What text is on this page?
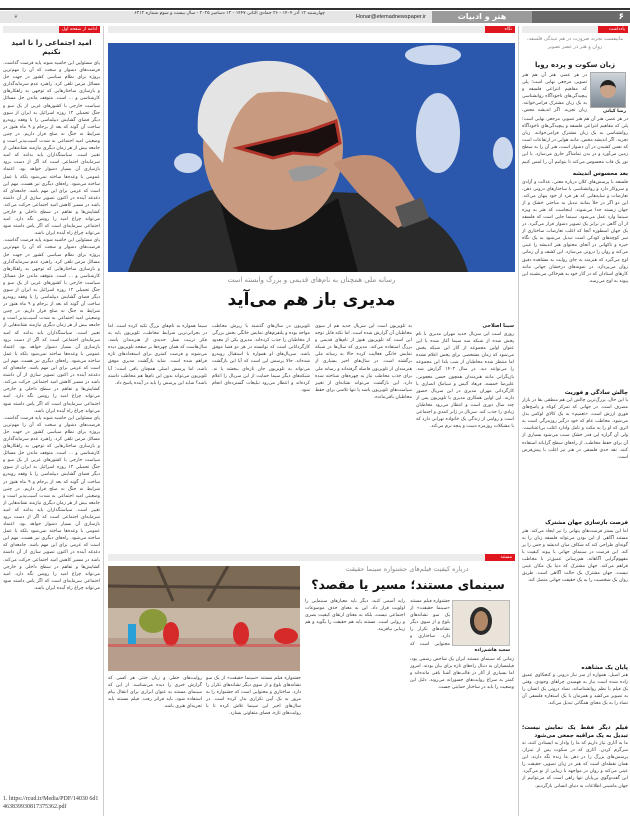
۶
هنر و ادبیات
Honar@etemadnewspaper.ir
چهارشنبه ۱۲ آذر ۱۴۰۴ - ۲۶ جمادی الثانی ۱۴۴۷ - ۱۲ دسامبر ۲۰۲۵ - سال بیست و سوم شماره ۶۲۱۲
❦
یادداشت
مانیفست تجربه ضرورت در هم تنیدگی فلسفه، روان و هنر در عصر تصویر
زبان سکوت و پرده رویا
رضا کیانی
در هر عصر، هنر آن هم هنر تصویر، مرجعی نهایی است؛ پلی که مفاهیم انتزاعی فلسفه و پیچیدگی‌های ناخودآگاه روانشناسی به یک زبان مشترک فرامی‌خوانند. زبان تجربه. اگر اندیشه محض،
در هر عصر، هنر آن هم هنر تصویر، مرجعی نهایی است؛ پلی که مفاهیم انتزاعی فلسفه و پیچیدگی‌های ناخودآگاه روانشناسی به یک زبان مشترک فرامی‌خوانند. زبان تجربه. اگر اندیشه محض، مانند هوایی در ارتفاعات است که نفس کشیدن در آن دشوار است، هنر آن را به سطح زمین می‌آورد و در بدن تماشاگر جاری می‌سازد. با این نور یک قاب محسوس می‌کند تا بتوانیم آن را لمس کنیم
بعد محسوس اندیشه
فلسفه با پرسش‌های کلان درباره معنی، عدالت و آزادی و سروکار دارد و روانشناسی با ساختارهای درونی ذهن، تعارضات و سایه‌هایی که هر فرد از خود پنهان می‌کند. این دو اگر در خلأ بمانند تبدیل به مباحثی خشک و از جهان زیسته جدا می‌شوند. اینجاست که هنر به ویژه سینما وارد عمل می‌شود. سینما جایی است که فلسفه از آن گاهی در برابر یک تصویر دشوار قرار می‌گیرد. در یک جهان اسطوره آنجا که اغلب تعارضات ساختاری از سر کوچه‌های کودکی است تبدیل می‌شود به یک نگاه خیره و تاکهانی در آنجای محتوای هنر اندیشه را عینی می‌کند و روان را درونی می‌سازد. این کشف و آن رمانی اوج می‌گیرد که هنرمند به جای روایت به مشاهده دقیق روان می‌پردازد. در نمونه‌های درخشان جهانی مانند کارهای استادان که در آثار خود به هم‌خاکی می‌نشیند این پیوند به اوج می‌رسد.
چالش سادگی و فوریت
با این حال، بزرگ‌ترین چالش این هم منطقی بقا در بازار مصرف است. در جهانی که تمرکز کوتاه و پاسخ‌های فوری ارزش است، «تعمیم» به یک کالای لوکس بدل می‌شود. مخاطب عام که خود درگیر روزمرگی است به اثری که او را به مکث و تامل وادارد اغلب بی‌اعتناست. ولی آن گزاره این قدر خشک سبب می‌شود بسیاری از آن برای حفظ مخاطب، از راه‌های سطح گرایانه استفاده کنند. نقد جدی فلسفی در هنر نیز اغلب با پیش‌فرض است.
فرصت بازسازی جهان مشترک
اما این بستر فرصت‌های پنهانی را نیز ایجاد می‌کند. هنر مستند آگاهی از این بودن می‌تواند فلسفه زبان را به گونه‌ای طراحی کند که شکاف میان اندیشه و حس را پر کند. این فرصت در سینمای جهانی با پیوند کیفیت با مفهوم‌گرایی آگاهانه، هم‌رسانی عمیق‌تر با مخاطب فراهم می‌کند. جهان مشترک که دنیا یک مکان عینی نیست، جهان مشترک یک حالت آگاهی است. طریق روان یک شخصیت را به یک حقیقت جهانی متصل کند.
پایان یک مشاهده
هنر اصیل، همواره از سر نیاز درونی و کنجکاوی عمیق زاده شده است نیاز به فهمیدن چراهای وجودی. وقتی یک فیلم با نظم روانشناسانه، تضاد درونی یک انسان را به تصویر می‌کشد و همزمان با یک استعاره فلسفی آن تضاد را به یک معنای همگانی تبدیل می‌کند.
فیلم دیگر فقط یک نمایش نیست؛ تبدیل به یک مراقبه جمعی می‌شود
ما به آثاری نیاز داریم که ما را وادار به ایستادن کنند، نه سرگرم کردن. آثاری که در سکوت پس از تیتراژ، پرسش‌های بزرگ را در ذهن ما زنده نگه دارند. این همان نقطه‌ای است که هنر در زبان تصویر، حقیقت را عینی می‌کند و روان در مواجهه با زیبایی از نو می‌گیرد. این گفت‌وگوی بی‌پایان تنها راهی است که می‌توانیم از جهان ماشینی اطلاعات به دنیای انسانی بازگردیم.
نگاه
رسانه ملی همچنان به نام‌های قدیمی و بزرگ وابسته است
مدیری باز هم می‌آید
سینا اصلاحی
روزی است این سریال جدید مهران مدیری با نام پخش شده از شبکه سه سیما آغاز شده با این عنوان اولین مجموعه از آثار این شبکه پخش می‌شود که زمان مشخصی برای پخش اعلام نشده اما منتظر شده مخاطبان از شب یلدا این مجموعه را می‌توانند دید. در سال ۱۴۰۲ گزارش شد. بازیگرانی مانند هنرمندان همچون حسن معجونی، علیرضا خمسه، فرهاد آئیش و سیامک انصاری با کارگردانی مهران مدیری در این سریال حضور دارند. این اولین همکاری مدیری با تلویزیون پس از چند سال دوری است و انتظار می‌رود مخاطبان زیادی را جذب کند. سریال در ژانر کمدی و اجتماعی است و روایتی از زندگی یک خانواده تهرانی دارد که با مشکلات روزمره دست و پنجه نرم می‌کند.
به تلویزیون است این سریال جدید هم از سوی مخاطبان آن گزارش شده است. اما نکته قابل توجه این است که تلویزیون هنوز از نام‌های قدیمی و بزرگ استفاده می‌کند. مدیری که سال‌ها در شبکه نمایش خانگی فعالیت کرده حالا به رسانه ملی برگشته است. در سال‌های اخیر بسیاری از هنرمندان از تلویزیون فاصله گرفته‌اند و رسانه ملی برای جذب مخاطب نیاز به چهره‌های شناخته شده دارد. این بازگشت می‌تواند نشانه‌ای از تغییر سیاست‌های تلویزیون باشد یا تنها تلاشی برای حفظ مخاطبان باقی‌مانده.
تلویزیون در سال‌های گذشته با ریزش مخاطب مواجه بوده و پلتفرم‌های نمایش خانگی بخش بزرگی از مخاطبان را جذب کرده‌اند. مدیری یکی از معدود کارگردانانی است که توانسته در هر دو فضا موفق باشد. سریال‌های او همواره با استقبال روبه‌رو شده‌اند. حالا پرسش این است که آیا این بازگشت می‌تواند به تلویزیون جان تازه‌ای ببخشد یا نه. شبکه‌های دیگر سیما حمایت از این سریال را اعلام کرده‌اند و انتظار می‌رود تبلیغات گسترده‌ای انجام شود.
سیما همواره به نام‌های بزرگ تکیه کرده است. اما در بحرانی‌ترین شرایط مخاطب، تلویزیون باید به فکر تربیت نسل جدیدی از هنرمندان باشد. سال‌هاست که همان چهره‌ها بر صفحه تلویزیون دیده می‌شوند و فرصت کمتری برای استعدادهای تازه فراهم شده است. شاید بازگشت مدیری موفق باشد، اما پرسش اصلی همچنان باقی است: آیا تلویزیون می‌تواند بدون این نام‌ها هم مخاطب داشته باشد؟ شاید این پرسش را باید در آینده پاسخ داد.
مستند
درباره کیفیت فیلم‌های جشنواره سینما حقیقت
سینمای مستند؛ مسیر یا مقصد؟
سعید هاشم‌زاده
جشنواره فیلم مستند «سینما حقیقت» از یک سو نشانه‌های بلوغ و از سوی دیگر نشانه‌های تکرار را دارد. ساختاری و محتوایی است که
زمانی که سینمای مستند ایران یک شاخص رسمی بود، فیلمسازان به دنبال راه‌های تازه برای بیان بودند. امروز اما بسیاری از آثار در قالب‌های آشنا باقی مانده‌اند و کمتر به سراغ روایت‌های جسورانه می‌روند. دلیل این وضعیت را باید در ساختار حمایتی جست.
راید آسمی کنید، دیگر باید معیارهای سینمایی را اولویت قرار داد. این به معنای حذف موضوعات اجتماعی نیست، بلکه به معنای ارتقای کیفیت بصری و روایی است. مستند باید هم حقیقت را بگوید و هم زیبایی بیافریند.
جشنواره فیلم مستند «سینما حقیقت» از یک سو نشانه‌های بلوغ و از سوی دیگر نشانه‌های تکرار را دارد. ساختاری و محتوایی است که جشنواره را به مرور به یک آیین تکراری بدل کرده است. در سال‌های اخیر این سینما تلاش کرده تا با روایت‌های تازه، فضای متفاوتی بسازد.
روایت‌های خطی و زبان خنثی هر کسی که گزارش خبری را دیده می‌شناسد. از این که سینمای مستند به عنوان ابزاری برای انتقال پیام استفاده شود، باید فراتر رفت. فیلم مستند باید تجربه‌ای هنری باشد.
ادامه از صفحه اول
امید اجتماعی را نا امید نکنیم
پای مسئولین این حاشیه شوند پایه فرصت گذاشت. فرصت‌های دشوار و سخت که آن را مهم‌ترین پروژه برای نظام سیاسی کشور در جهت حل مسائل مزمن تلقی کرد. راهبرد عدم سرمایه‌گذاری و بازسازی ساختارهایی که توجهی به راهکارهای کارشناسی و ... است. متوقف ماندن حل مسائل سیاست خارجی با کشورهای غربی از یک سو و جنگ تحمیلی ۱۲ روزه اسرائیل به ایران از سوی دیگر فضای گشایش دیپلماسی را با وقفه روبه‌رو ساخت آن گونه که بعد از برجام و ۹ ماه هنوز در شرایط نه جنگ نه صلح قرار داریم. در چنین وضعیتی امید اجتماعی به شدت آسیب‌پذیر است و جامعه بیش از هر زمان دیگری نیازمند نشانه‌هایی از تغییر است. سیاستگذاران باید بدانند که امید سرمایه‌ای اجتماعی است که اگر از دست برود بازسازی آن بسیار دشوار خواهد بود. اعتماد عمومی با وعده‌ها ساخته نمی‌شود بلکه با عمل ساخته می‌شود. راه‌های دیگری نیز هست، مهم این است که عزمی برای این مهم باشد. جامعه‌ای که دغدغه آینده در اکنون تصویر سازی از آن داشته باشد در مسیر کاهش امید اجتماعی حرکت می‌کند. کشایش‌ها و تفاهم در سطح داخلی و خارجی می‌تواند چراغ امید را روشن نگه دارد. امید اجتماعی سرمایه‌ای است که اگر پاس داشته شود می‌تواند چراغ راه آینده ایران باشد.
پای مسئولین این حاشیه شوند پایه فرصت گذاشت. فرصت‌های دشوار و سخت که آن را مهم‌ترین پروژه برای نظام سیاسی کشور در جهت حل مسائل مزمن تلقی کرد. راهبرد عدم سرمایه‌گذاری و بازسازی ساختارهایی که توجهی به راهکارهای کارشناسی و ... است. متوقف ماندن حل مسائل سیاست خارجی با کشورهای غربی از یک سو و جنگ تحمیلی ۱۲ روزه اسرائیل به ایران از سوی دیگر فضای گشایش دیپلماسی را با وقفه روبه‌رو ساخت آن گونه که بعد از برجام و ۹ ماه هنوز در شرایط نه جنگ نه صلح قرار داریم. در چنین وضعیتی امید اجتماعی به شدت آسیب‌پذیر است و جامعه بیش از هر زمان دیگری نیازمند نشانه‌هایی از تغییر است. سیاستگذاران باید بدانند که امید سرمایه‌ای اجتماعی است که اگر از دست برود بازسازی آن بسیار دشوار خواهد بود. اعتماد عمومی با وعده‌ها ساخته نمی‌شود بلکه با عمل ساخته می‌شود. راه‌های دیگری نیز هست، مهم این است که عزمی برای این مهم باشد. جامعه‌ای که دغدغه آینده در اکنون تصویر سازی از آن داشته باشد در مسیر کاهش امید اجتماعی حرکت می‌کند. کشایش‌ها و تفاهم در سطح داخلی و خارجی می‌تواند چراغ امید را روشن نگه دارد. امید اجتماعی سرمایه‌ای است که اگر پاس داشته شود می‌تواند چراغ راه آینده ایران باشد.
پای مسئولین این حاشیه شوند پایه فرصت گذاشت. فرصت‌های دشوار و سخت که آن را مهم‌ترین پروژه برای نظام سیاسی کشور در جهت حل مسائل مزمن تلقی کرد. راهبرد عدم سرمایه‌گذاری و بازسازی ساختارهایی که توجهی به راهکارهای کارشناسی و ... است. متوقف ماندن حل مسائل سیاست خارجی با کشورهای غربی از یک سو و جنگ تحمیلی ۱۲ روزه اسرائیل به ایران از سوی دیگر فضای گشایش دیپلماسی را با وقفه روبه‌رو ساخت آن گونه که بعد از برجام و ۹ ماه هنوز در شرایط نه جنگ نه صلح قرار داریم. در چنین وضعیتی امید اجتماعی به شدت آسیب‌پذیر است و جامعه بیش از هر زمان دیگری نیازمند نشانه‌هایی از تغییر است. سیاستگذاران باید بدانند که امید سرمایه‌ای اجتماعی است که اگر از دست برود بازسازی آن بسیار دشوار خواهد بود. اعتماد عمومی با وعده‌ها ساخته نمی‌شود بلکه با عمل ساخته می‌شود. راه‌های دیگری نیز هست، مهم این است که عزمی برای این مهم باشد. جامعه‌ای که دغدغه آینده در اکنون تصویر سازی از آن داشته باشد در مسیر کاهش امید اجتماعی حرکت می‌کند. کشایش‌ها و تفاهم در سطح داخلی و خارجی می‌تواند چراغ امید را روشن نگه دارد. امید اجتماعی سرمایه‌ای است که اگر پاس داشته شود می‌تواند چراغ راه آینده ایران باشد.
1. https://rcud.ir/Media/PDF/14030 6d1463839930817375362.pdf
